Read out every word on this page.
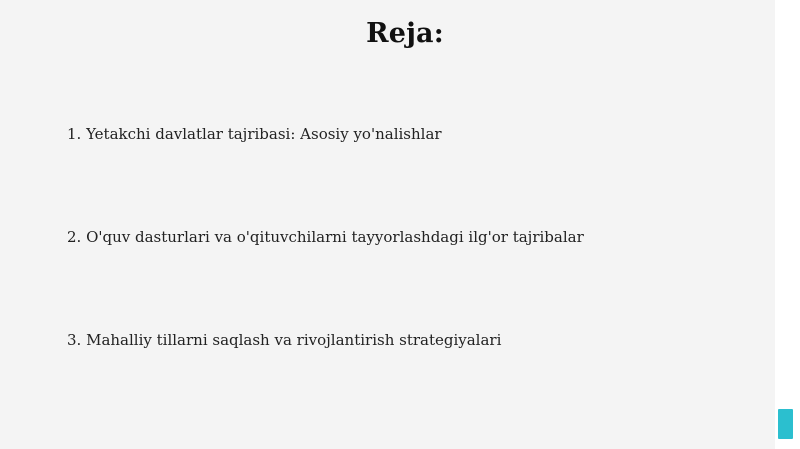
Reja:
1. Yetakchi davlatlar tajribasi: Asosiy yo'nalishlar
2. O'quv dasturlari va o'qituvchilarni tayyorlashdagi ilg'or tajribalar
3. Mahalliy tillarni saqlash va rivojlantirish strategiyalari
